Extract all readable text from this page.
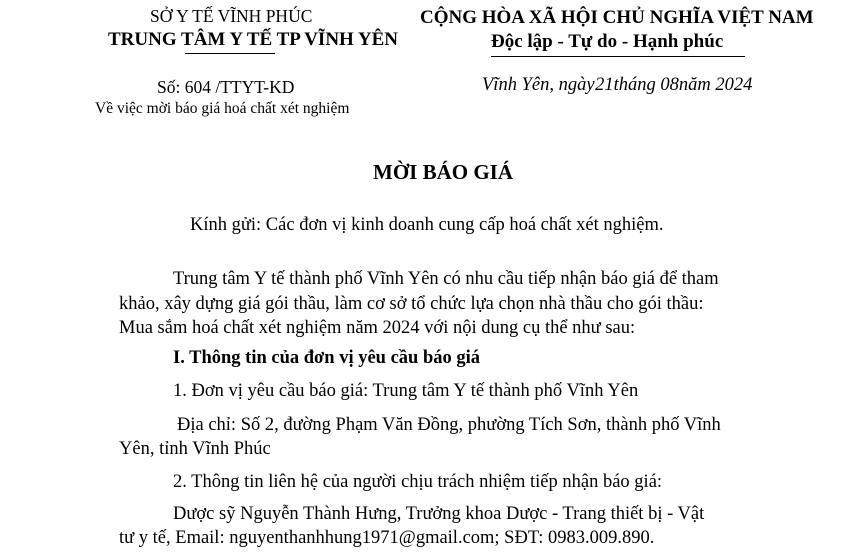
SỞ Y TẾ VĨNH PHÚC
TRUNG TÂM Y TẾ TP VĨNH YÊN
Số: 604 /TTYT-KD
Về việc mời báo giá hoá chất xét nghiệm
CỘNG HÒA XÃ HỘI CHỦ NGHĨA VIỆT NAM
Độc lập - Tự do - Hạnh phúc
Vĩnh Yên, ngày 21tháng 08năm 2024
MỜI BÁO GIÁ
Kính gửi: Các đơn vị kinh doanh cung cấp hoá chất xét nghiệm.
Trung tâm Y tế thành phố Vĩnh Yên có nhu cầu tiếp nhận báo giá để tham
khảo, xây dựng giá gói thầu, làm cơ sở tổ chức lựa chọn nhà thầu cho gói thầu:
Mua sắm hoá chất xét nghiệm năm 2024 với nội dung cụ thể như sau:
I. Thông tin của đơn vị yêu cầu báo giá
1. Đơn vị yêu cầu báo giá: Trung tâm Y tế thành phố Vĩnh Yên
Địa chỉ: Số 2, đường Phạm Văn Đồng, phường Tích Sơn, thành phố Vĩnh
Yên, tỉnh Vĩnh Phúc
2. Thông tin liên hệ của người chịu trách nhiệm tiếp nhận báo giá:
Dược sỹ Nguyễn Thành Hưng, Trưởng khoa Dược - Trang thiết bị - Vật
tư y tế, Email: nguyenthanhhung1971@gmail.com; SĐT: 0983.009.890.
